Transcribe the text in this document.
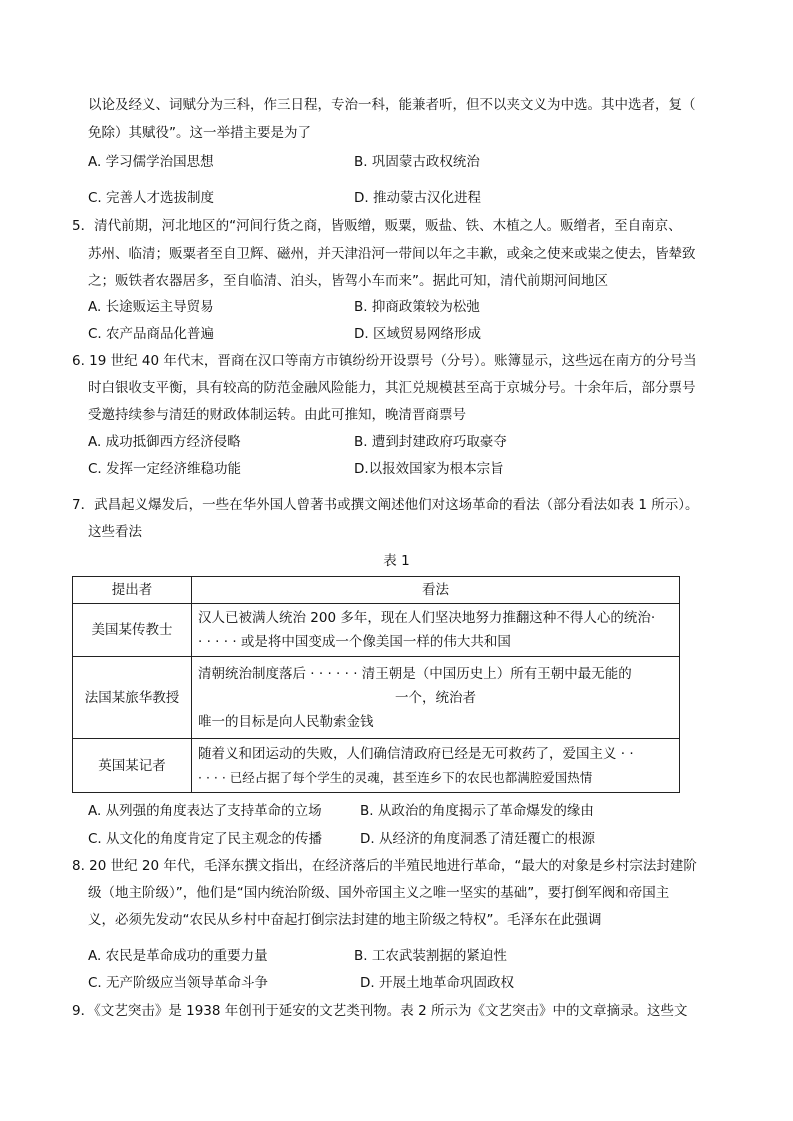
以论及经义、词赋分为三科，作三日程，专治一科，能兼者听，但不以夹文义为中选。其中选者，复（
免除）其赋役”。这一举措主要是为了
A. 学习儒学治国思想	B. 巩固蒙古政权统治
C. 完善人才选拔制度	D. 推动蒙古汉化进程
5．清代前期，河北地区的“河间行货之商，皆贩缯，贩粟，贩盐、铁、木植之人。贩缯者，至自南京、
苏州、临清；贩粟者至自卫辉、磁州，并天津沿河一带间以年之丰歉，或籴之使来或粜之使去，皆辇致
之；贩铁者农器居多，至自临清、泊头，皆驾小车而来”。据此可知，清代前期河间地区
A. 长途贩运主导贸易	B. 抑商政策较为松弛
C. 农产品商品化普遍	D. 区域贸易网络形成
6. 19 世纪 40 年代末，晋商在汉口等南方市镇纷纷开设票号（分号）。账簿显示，这些远在南方的分号当
时白银收支平衡，具有较高的防范金融风险能力，其汇兑规模甚至高于京城分号。十余年后，部分票号
受邀持续参与清廷的财政体制运转。由此可推知，晚清晋商票号
A. 成功抵御西方经济侵略	B. 遭到封建政府巧取豪夺
C. 发挥一定经济维稳功能	D.以报效国家为根本宗旨
7．武昌起义爆发后，一些在华外国人曾著书或撰文阐述他们对这场革命的看法（部分看法如表 1 所示）。
这些看法
表 1
提出者	看法
美国某传教士	汉人已被满人统治 200 多年，现在人们坚决地努力推翻这种不得人心的统治·
· · · · · 或是将中国变成一个像美国一样的伟大共和国

法国某旅华教授	清朝统治制度落后 · · · · · · 清王朝是（中国历史上）所有王朝中最无能的
一个，统治者
唯一的目标是向人民勒索金钱

英国某记者	随着义和团运动的失败，人们确信清政府已经是无可救药了，爱国主义 · ·
· · · · 已经占据了每个学生的灵魂，甚至连乡下的农民也都满腔爱国热情
A. 从列强的角度表达了支持革命的立场	B. 从政治的角度揭示了革命爆发的缘由
C. 从文化的角度肯定了民主观念的传播	D. 从经济的角度洞悉了清廷覆亡的根源
8. 20 世纪 20 年代，毛泽东撰文指出，在经济落后的半殖民地进行革命，“最大的对象是乡村宗法封建阶
级（地主阶级）”，他们是“国内统治阶级、国外帝国主义之唯一坚实的基础”，要打倒军阀和帝国主
义，必须先发动“农民从乡村中奋起打倒宗法封建的地主阶级之特权”。毛泽东在此强调
A. 农民是革命成功的重要力量	B. 工农武装割据的紧迫性
C. 无产阶级应当领导革命斗争	D. 开展土地革命巩固政权
9．《文艺突击》是 1938 年创刊于延安的文艺类刊物。表 2 所示为《文艺突击》中的文章摘录。这些文
